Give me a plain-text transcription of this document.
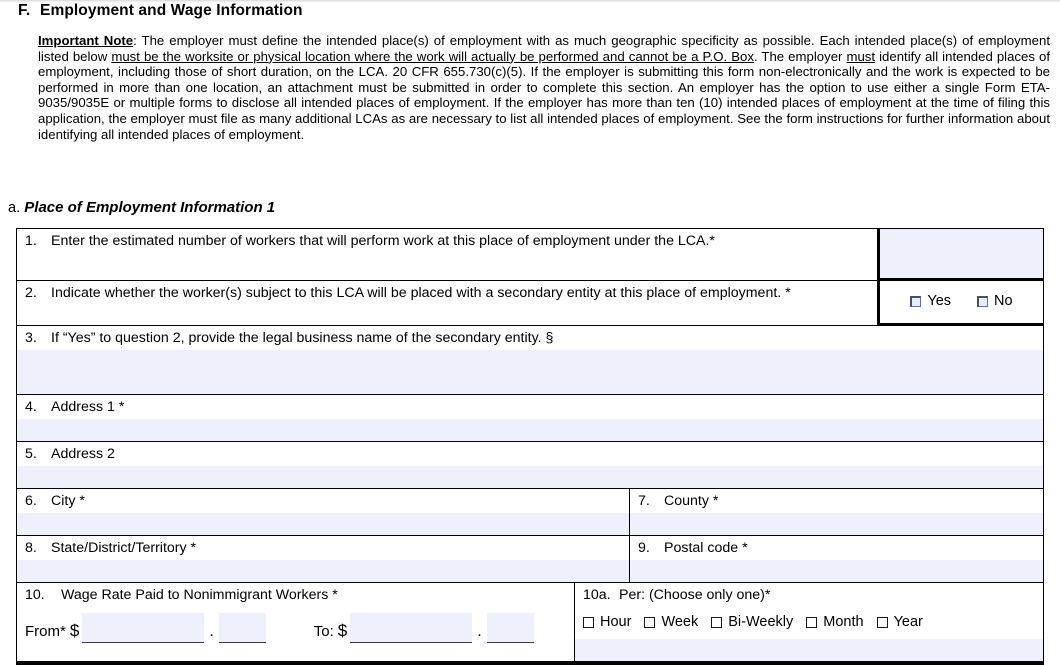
F. Employment and Wage Information
Important Note: The employer must define the intended place(s) of employment with as much geographic specificity as possible. Each intended place(s) of employment listed below must be the worksite or physical location where the work will actually be performed and cannot be a P.O. Box. The employer must identify all intended places of employment, including those of short duration, on the LCA. 20 CFR 655.730(c)(5). If the employer is submitting this form non-electronically and the work is expected to be performed in more than one location, an attachment must be submitted in order to complete this section. An employer has the option to use either a single Form ETA-9035/9035E or multiple forms to disclose all intended places of employment. If the employer has more than ten (10) intended places of employment at the time of filing this application, the employer must file as many additional LCAs as are necessary to list all intended places of employment. See the form instructions for further information about identifying all intended places of employment.
a. Place of Employment Information 1
1. Enter the estimated number of workers that will perform work at this place of employment under the LCA.*
2. Indicate whether the worker(s) subject to this LCA will be placed with a secondary entity at this place of employment. *	Yes	No
3. If “Yes” to question 2, provide the legal business name of the secondary entity. §
4. Address 1 *
5. Address 2
6. City *	7. County *
8. State/District/Territory *	9. Postal code *
10.	Wage Rate Paid to Nonimmigrant Workers *
From* $	.	To: $	.
10a. Per: (Choose only one)*
Hour Week Bi-Weekly Month Year
